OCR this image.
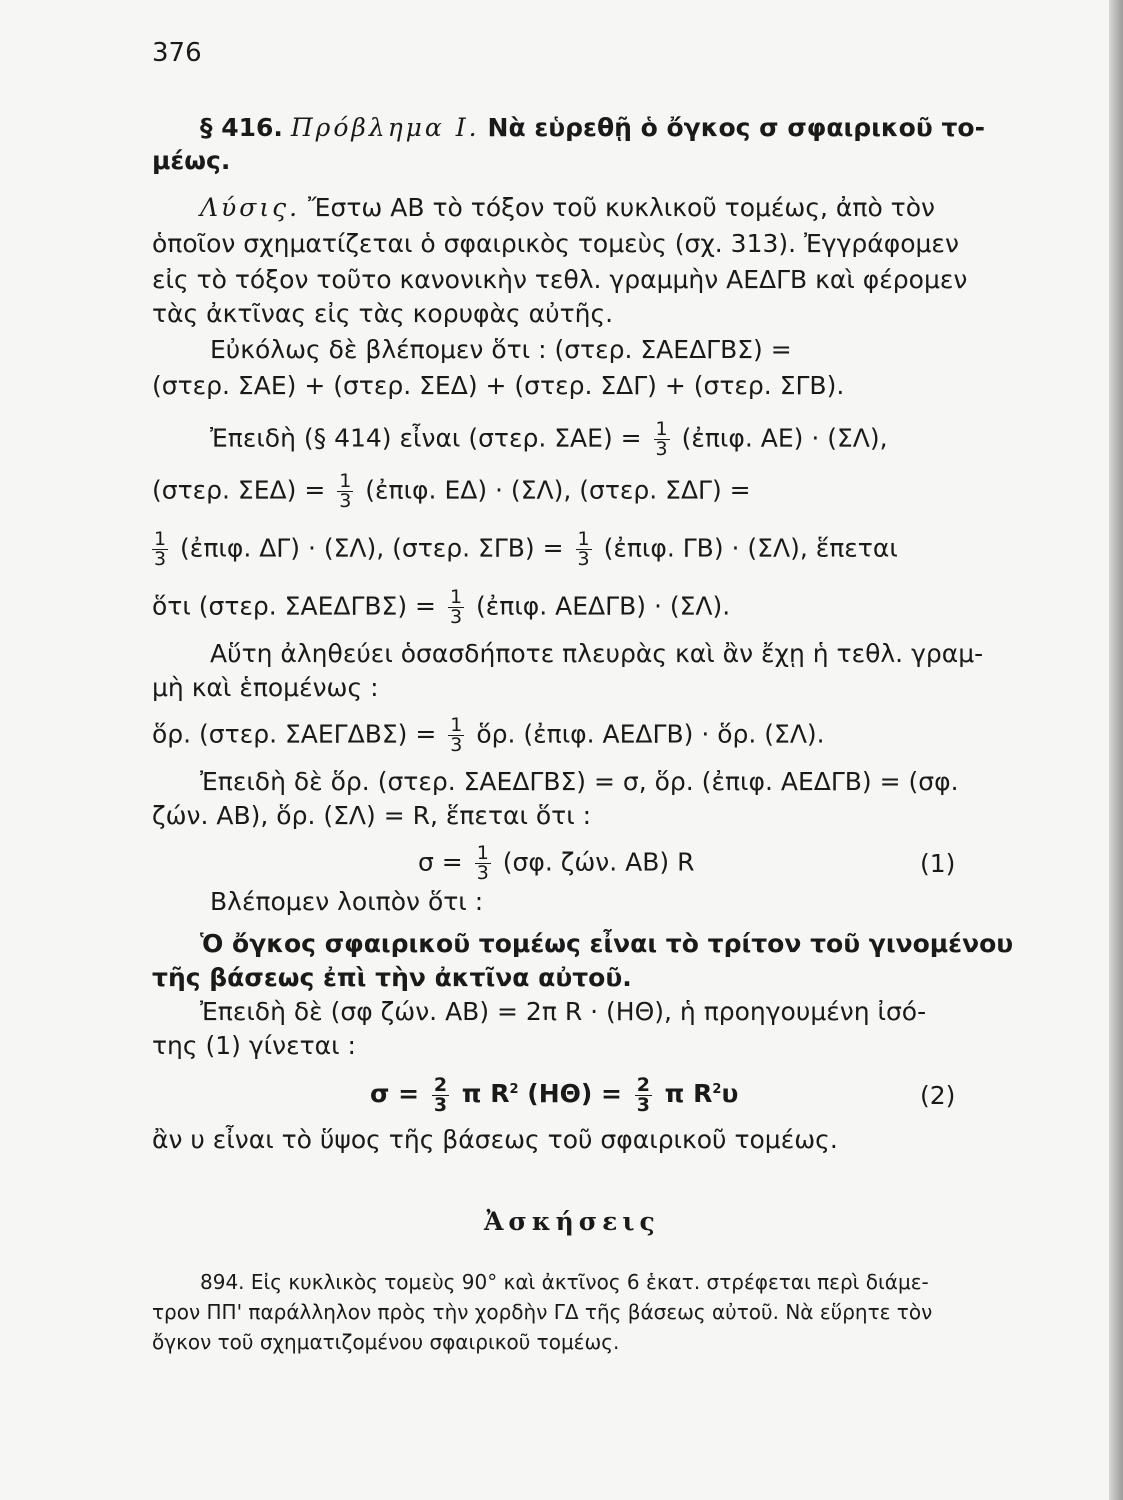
376
§ 416. Πρόβλημα I. Νὰ εὑρεθῇ ὁ ὄγκος σ σφαιρικοῦ το-
μέως.
Λύσις. Ἔστω ΑΒ τὸ τόξον τοῦ κυκλικοῦ τομέως, ἀπὸ τὸν
ὁποῖον σχηματίζεται ὁ σφαιρικὸς τομεὺς (σχ. 313). Ἐγγράφομεν
εἰς τὸ τόξον τοῦτο κανονικὴν τεθλ. γραμμὴν ΑΕΔΓΒ καὶ φέρομεν
τὰς ἀκτῖνας εἰς τὰς κορυφὰς αὐτῆς.
Εὐκόλως δὲ βλέπομεν ὅτι : (στερ. ΣΑΕΔΓΒΣ) =
(στερ. ΣΑΕ) + (στερ. ΣΕΔ) + (στερ. ΣΔΓ) + (στερ. ΣΓΒ).
Ἐπειδὴ (§ 414) εἶναι (στερ. $\Sigma AE) = \frac{1}{3}$ (ἐπιφ. ΑΕ) · (ΣΛ),
(στερ. $\Sigma E\Delta) = \frac{1}{3}$ (ἐπιφ. ΕΔ) · (ΣΛ), (στερ. ΣΔΓ) =
$\frac{1}{3}$ (ἐπιφ. ΔΓ) · (ΣΛ), (στερ. $\Sigma\Gamma B) = \frac{1}{3}$ (ἐπιφ. ΓΒ) · (ΣΛ), ἕπεται
ὅτι (στερ. $\Sigma AE\Delta\Gamma B\Sigma) = \frac{1}{3}$ (ἐπιφ. ΑΕΔΓΒ) · (ΣΛ).
Αὕτη ἀληθεύει ὁσασδήποτε πλευρὰς καὶ ἂν ἔχῃ ἡ τεθλ. γραμ-
μὴ καὶ ἑπομένως :
ὅρ. (στερ. $\Sigma AE\Gamma\Delta B\Sigma) = \frac{1}{3}$ ὅρ. (ἐπιφ. ΑΕΔΓΒ) · ὅρ. (ΣΛ).
Ἐπειδὴ δὲ ὅρ. (στερ. ΣΑΕΔΓΒΣ) = σ, ὅρ. (ἐπιφ. ΑΕΔΓΒ) = (σφ.
ζών. ΑΒ), ὅρ. (ΣΛ) = R, ἕπεται ὅτι :
$\sigma = \frac{1}{3} (\sigma\varphi$. ζών. ΑΒ) R	(1)
Βλέπομεν λοιπὸν ὅτι :
Ὁ ὄγκος σφαιρικοῦ τομέως εἶναι τὸ τρίτον τοῦ γινομένου
τῆς βάσεως ἐπὶ τὴν ἀκτῖνα αὐτοῦ.
Ἐπειδὴ δὲ (σφ ζών. ΑΒ) = 2π R · (ΗΘ), ἡ προηγουμένη ἰσό-
της (1) γίνεται :
$\sigma = \frac{2}{3}$ π $R^2$ $(H\Theta) = \frac{2}{3}$ π $R^2\upsilon$	(2)
ἂν υ εἶναι τὸ ὕψος τῆς βάσεως τοῦ σφαιρικοῦ τομέως.
Ἀσκήσεις
894. Εἰς κυκλικὸς τομεὺς 90° καὶ ἀκτῖνος 6 ἑκατ. στρέφεται περὶ διάμε-
τρον ΠΠ' παράλληλον πρὸς τὴν χορδὴν ΓΔ τῆς βάσεως αὐτοῦ. Νὰ εὕρητε τὸν
ὄγκον τοῦ σχηματιζομένου σφαιρικοῦ τομέως.
